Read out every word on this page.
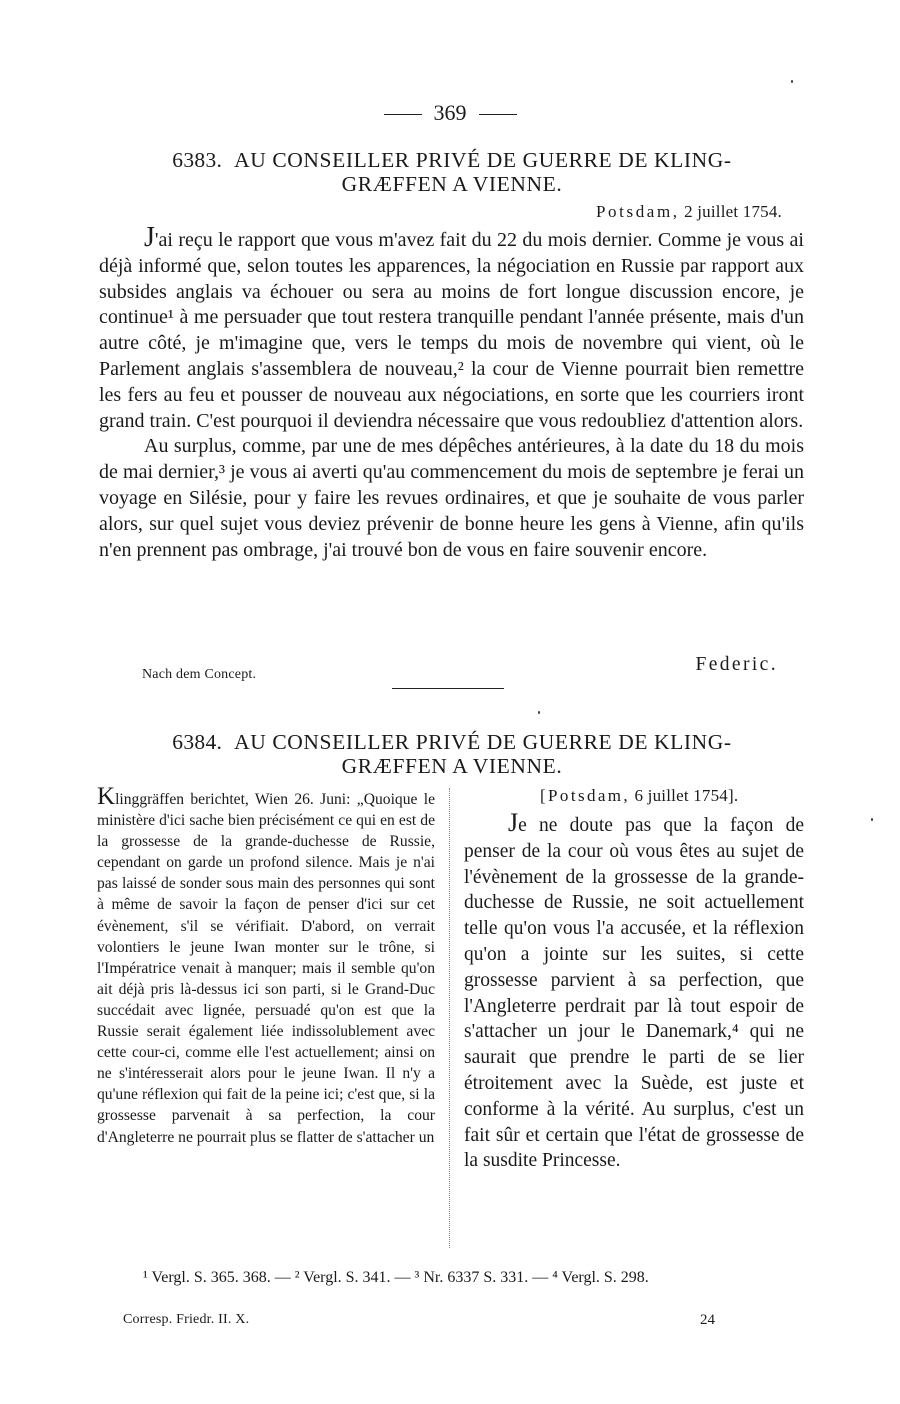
369
6383. AU CONSEILLER PRIVÉ DE GUERRE DE KLING-
GRÆFFEN A VIENNE.
Potsdam, 2 juillet 1754.

J'ai reçu le rapport que vous m'avez fait du 22 du mois dernier. Comme je vous ai déjà informé que, selon toutes les apparences, la négociation en Russie par rapport aux subsides anglais va échouer ou sera au moins de fort longue discussion encore, je continue¹ à me persuader que tout restera tranquille pendant l'année présente, mais d'un autre côté, je m'imagine que, vers le temps du mois de novembre qui vient, où le Parlement anglais s'assemblera de nouveau,² la cour de Vienne pourrait bien remettre les fers au feu et pousser de nouveau aux négociations, en sorte que les courriers iront grand train. C'est pourquoi il deviendra nécessaire que vous redoubliez d'attention alors.

Au surplus, comme, par une de mes dépêches antérieures, à la date du 18 du mois de mai dernier,³ je vous ai averti qu'au commencement du mois de septembre je ferai un voyage en Silésie, pour y faire les revues ordinaires, et que je souhaite de vous parler alors, sur quel sujet vous deviez prévenir de bonne heure les gens à Vienne, afin qu'ils n'en prennent pas ombrage, j'ai trouvé bon de vous en faire souvenir encore.

Federic.
Nach dem Concept.
6384. AU CONSEILLER PRIVÉ DE GUERRE DE KLING-
GRÆFFEN A VIENNE.

Klinggräffen berichtet, Wien 26. Juni: „Quoique le ministère d'ici sache bien précisément ce qui en est de la grossesse de la grande-duchesse de Russie, cependant on garde un profond silence. Mais je n'ai pas laissé de sonder sous main des personnes qui sont à même de savoir la façon de penser d'ici sur cet évènement, s'il se vérifiait. D'abord, on verrait volontiers le jeune Iwan monter sur le trône, si l'Impératrice venait à manquer; mais il semble qu'on ait déjà pris là-dessus ici son parti, si le Grand-Duc succédait avec lignée, persuadé qu'on est que la Russie serait également liée indissolublement avec cette cour-ci, comme elle l'est actuellement; ainsi on ne s'intéresserait alors pour le jeune Iwan. Il n'y a qu'une réflexion qui fait de la peine ici; c'est que, si la grossesse parvenait à sa perfection, la cour d'Angleterre ne pourrait plus se flatter de s'attacher un

[Potsdam, 6 juillet 1754].

Je ne doute pas que la façon de penser de la cour où vous êtes au sujet de l'évènement de la grossesse de la grande-duchesse de Russie, ne soit actuellement telle qu'on vous l'a accusée, et la réflexion qu'on a jointe sur les suites, si cette grossesse parvient à sa perfection, que l'Angleterre perdrait par là tout espoir de s'attacher un jour le Danemark,⁴ qui ne saurait que prendre le parti de se lier étroitement avec la Suède, est juste et conforme à la vérité. Au surplus, c'est un fait sûr et certain que l'état de grossesse de la susdite Princesse.

¹ Vergl. S. 365. 368. — ² Vergl. S. 341. — ³ Nr. 6337 S. 331. — ⁴ Vergl. S. 298.
Corresp. Friedr. II. X.	24
